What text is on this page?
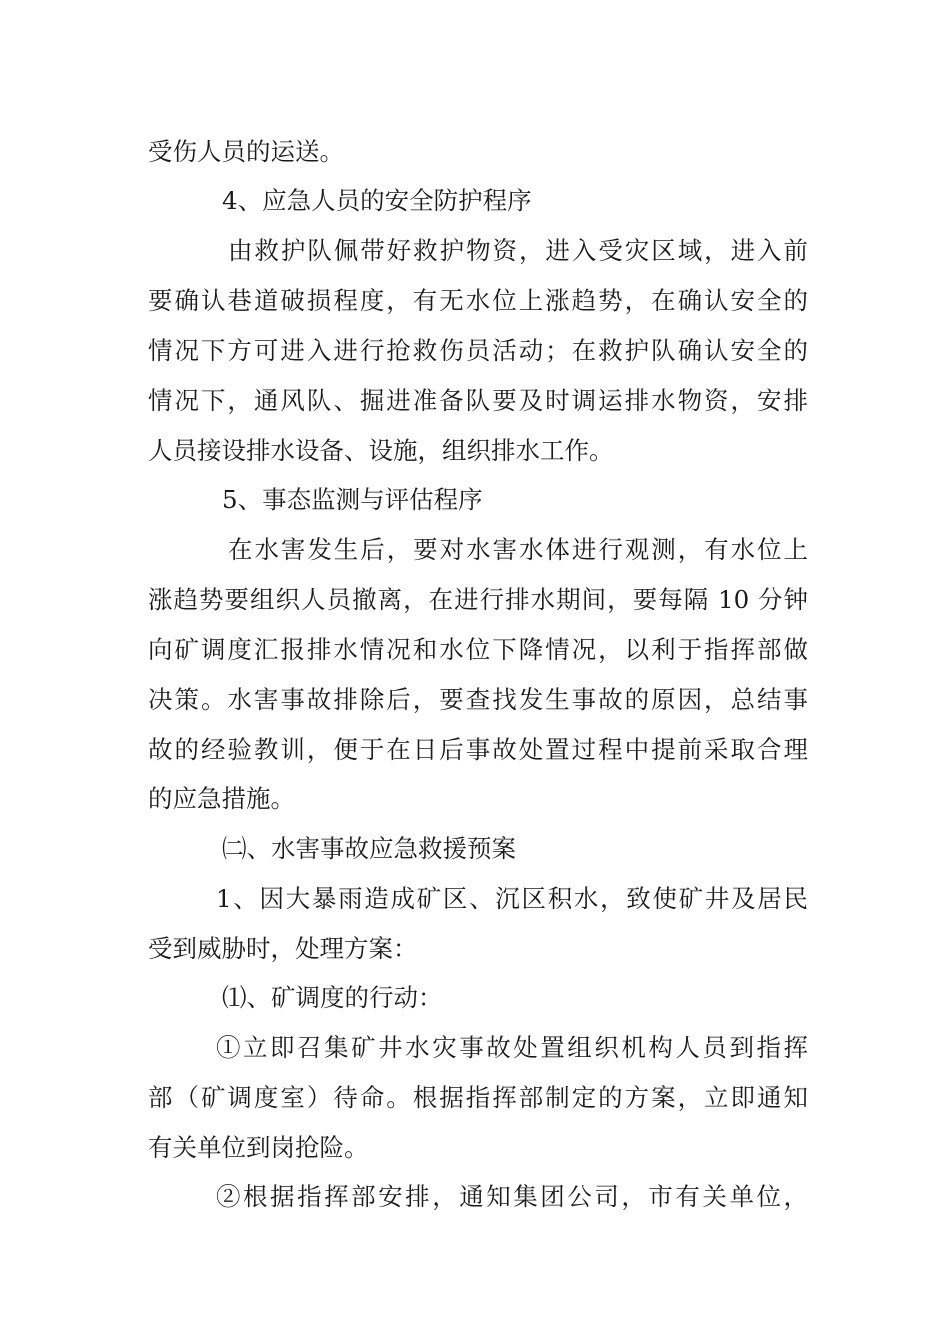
受伤人员的运送。
4、应急人员的安全防护程序
由救护队佩带好救护物资，进入受灾区域，进入前
要确认巷道破损程度，有无水位上涨趋势，在确认安全的
情况下方可进入进行抢救伤员活动；在救护队确认安全的
情况下，通风队、掘进准备队要及时调运排水物资，安排
人员接设排水设备、设施，组织排水工作。
5、事态监测与评估程序
在水害发生后，要对水害水体进行观测，有水位上
涨趋势要组织人员撤离，在进行排水期间，要每隔 10 分钟
向矿调度汇报排水情况和水位下降情况，以利于指挥部做
决策。水害事故排除后，要查找发生事故的原因，总结事
故的经验教训，便于在日后事故处置过程中提前采取合理
的应急措施。
㈡、水害事故应急救援预案
1、因大暴雨造成矿区、沉区积水，致使矿井及居民
受到威胁时，处理方案：
⑴、矿调度的行动：
①立即召集矿井水灾事故处置组织机构人员到指挥
部（矿调度室）待命。根据指挥部制定的方案，立即通知
有关单位到岗抢险。
②根据指挥部安排，通知集团公司，市有关单位，
